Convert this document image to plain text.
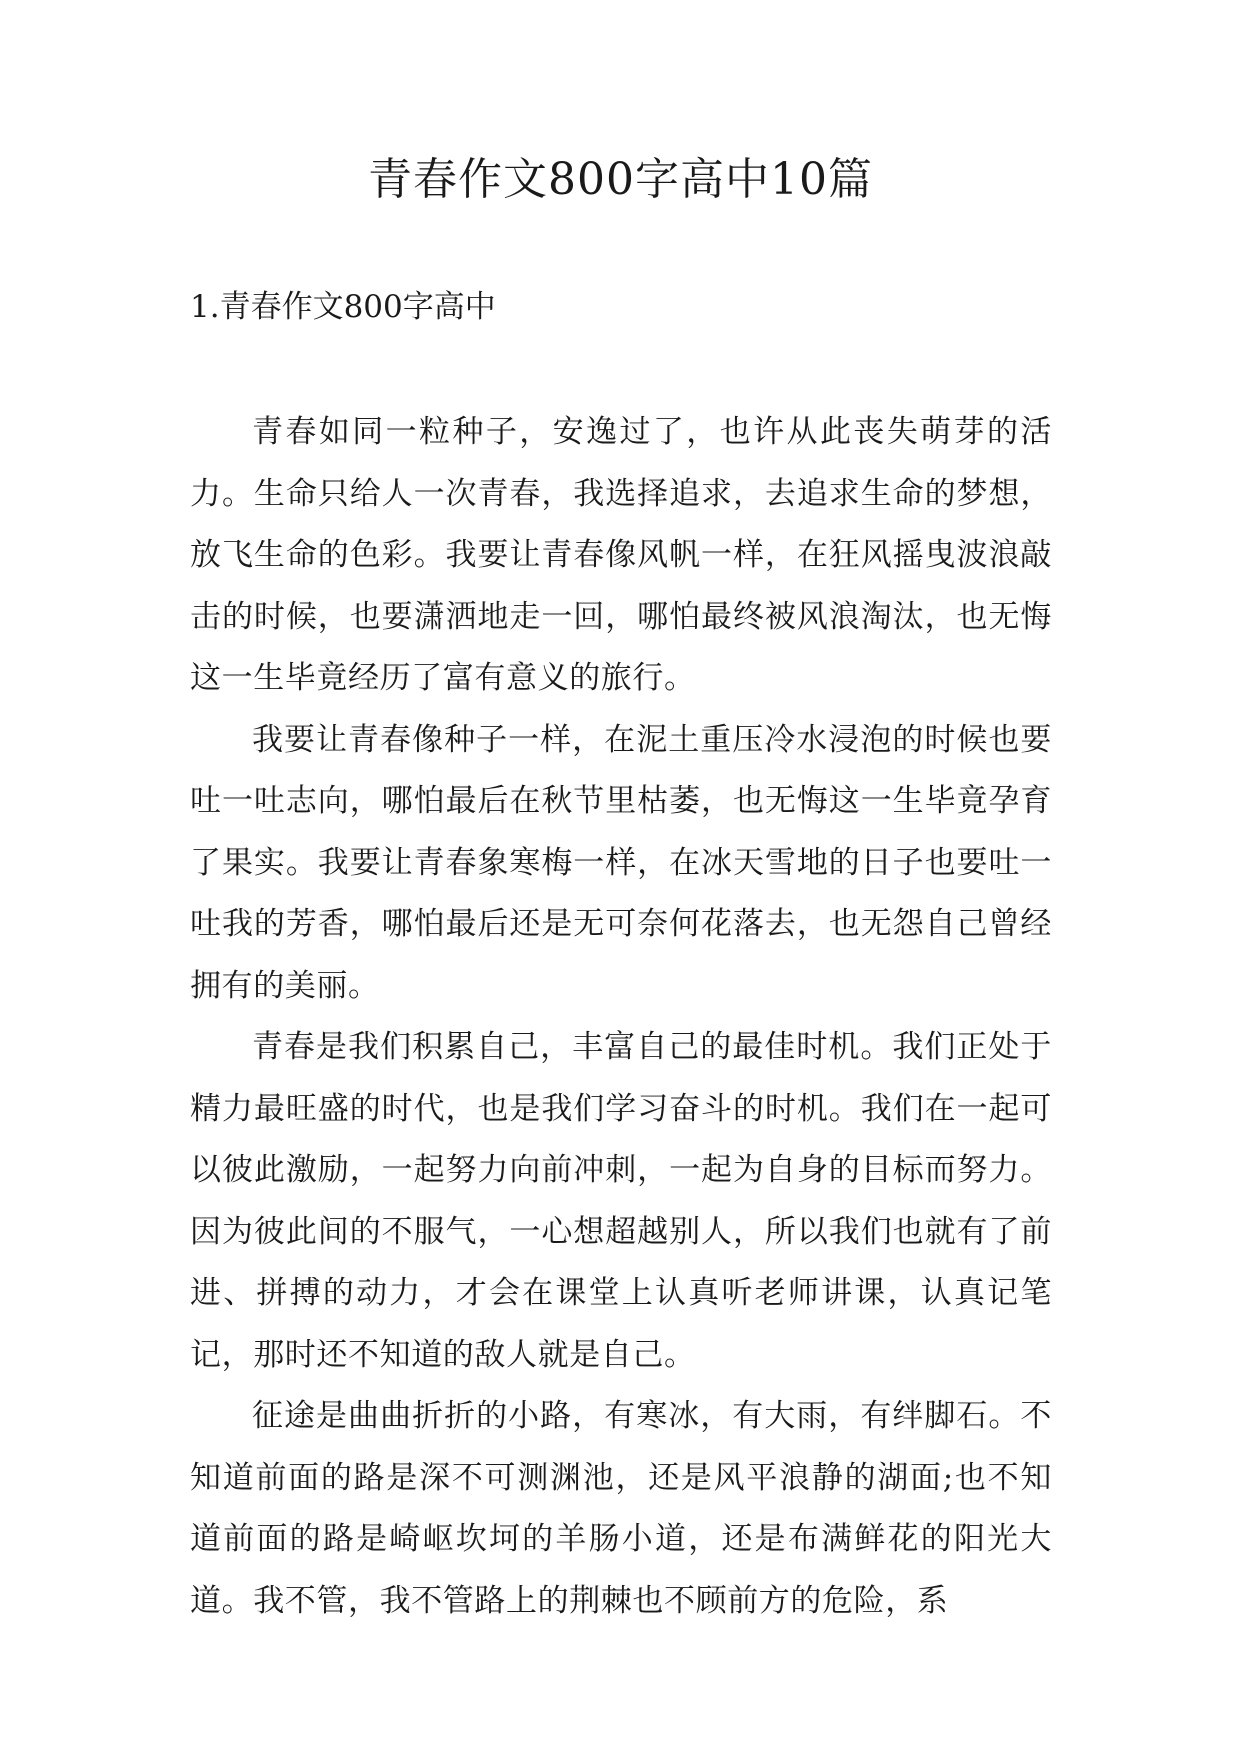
青春作文800字高中10篇
1.青春作文800字高中

青春如同一粒种子，安逸过了，也许从此丧失萌芽的活力。生命只给人一次青春，我选择追求，去追求生命的梦想，放飞生命的色彩。我要让青春像风帆一样，在狂风摇曳波浪敲击的时候，也要潇洒地走一回，哪怕最终被风浪淘汰，也无悔这一生毕竟经历了富有意义的旅行。

我要让青春像种子一样，在泥土重压冷水浸泡的时候也要吐一吐志向，哪怕最后在秋节里枯萎，也无悔这一生毕竟孕育了果实。我要让青春象寒梅一样，在冰天雪地的日子也要吐一吐我的芳香，哪怕最后还是无可奈何花落去，也无怨自己曾经拥有的美丽。

青春是我们积累自己，丰富自己的最佳时机。我们正处于精力最旺盛的时代，也是我们学习奋斗的时机。我们在一起可以彼此激励，一起努力向前冲刺，一起为自身的目标而努力。因为彼此间的不服气，一心想超越别人，所以我们也就有了前进、拼搏的动力，才会在课堂上认真听老师讲课，认真记笔记，那时还不知道的敌人就是自己。

征途是曲曲折折的小路，有寒冰，有大雨，有绊脚石。不知道前面的路是深不可测渊池，还是风平浪静的湖面;也不知道前面的路是崎岖坎坷的羊肠小道，还是布满鲜花的阳光大道。我不管，我不管路上的荆棘也不顾前方的危险，系
